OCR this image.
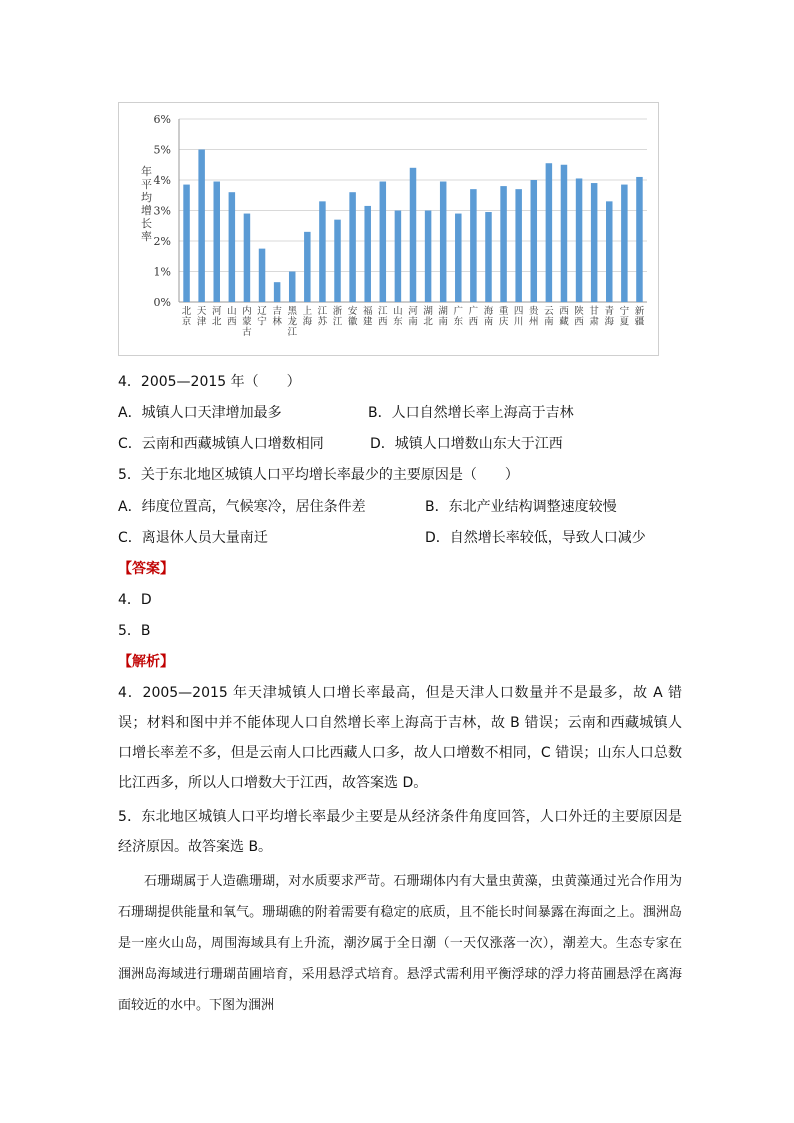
0%
1%
2%
3%
4%
5%
6%
年平均增长率
北京
天津
河北
山西
内蒙古
辽宁
吉林
黑龙江
上海
江苏
浙江
安徽
福建
江西
山东
河南
湖北
湖南
广东
广西
海南
重庆
四川
贵州
云南
西藏
陕西
甘肃
青海
宁夏
新疆
4．2005—2015 年（　　）
A．城镇人口天津增加最多	B．人口自然增长率上海高于吉林
C．云南和西藏城镇人口增数相同	D．城镇人口增数山东大于江西
5．关于东北地区城镇人口平均增长率最少的主要原因是（　　）
A．纬度位置高，气候寒冷，居住条件差	B．东北产业结构调整速度较慢
C．离退休人员大量南迁	D．自然增长率较低，导致人口减少
【答案】
4．D
5．B
【解析】
4．2005—2015 年天津城镇人口增长率最高，但是天津人口数量并不是最多，故 A 错误；材料和图中并不能体现人口自然增长率上海高于吉林，故 B 错误；云南和西藏城镇人口增长率差不多，但是云南人口比西藏人口多，故人口增数不相同，C 错误；山东人口总数比江西多，所以人口增数大于江西，故答案选 D。
5．东北地区城镇人口平均增长率最少主要是从经济条件角度回答，人口外迁的主要原因是经济原因。故答案选 B。
石珊瑚属于人造礁珊瑚，对水质要求严苛。石珊瑚体内有大量虫黄藻，虫黄藻通过光合作用为石珊瑚提供能量和氧气。珊瑚礁的附着需要有稳定的底质，且不能长时间暴露在海面之上。涠洲岛是一座火山岛，周围海域具有上升流，潮汐属于全日潮（一天仅涨落一次），潮差大。生态专家在涠洲岛海域进行珊瑚苗圃培育，采用悬浮式培育。悬浮式需利用平衡浮球的浮力将苗圃悬浮在离海面较近的水中。下图为涠洲
